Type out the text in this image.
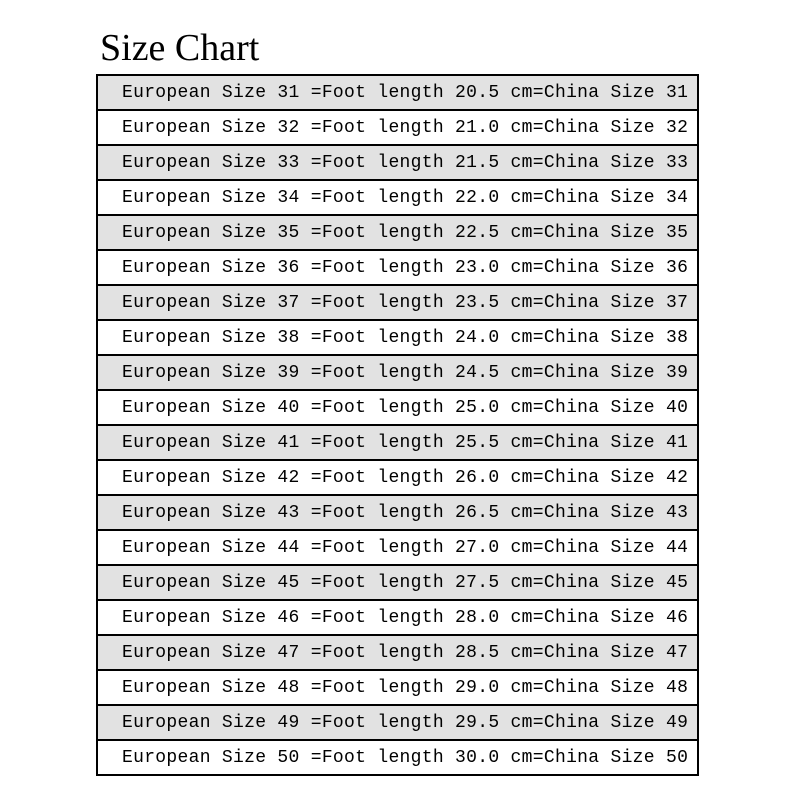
Size Chart
European Size 31 =Foot length 20.5 cm=China Size 31
European Size 32 =Foot length 21.0 cm=China Size 32
European Size 33 =Foot length 21.5 cm=China Size 33
European Size 34 =Foot length 22.0 cm=China Size 34
European Size 35 =Foot length 22.5 cm=China Size 35
European Size 36 =Foot length 23.0 cm=China Size 36
European Size 37 =Foot length 23.5 cm=China Size 37
European Size 38 =Foot length 24.0 cm=China Size 38
European Size 39 =Foot length 24.5 cm=China Size 39
European Size 40 =Foot length 25.0 cm=China Size 40
European Size 41 =Foot length 25.5 cm=China Size 41
European Size 42 =Foot length 26.0 cm=China Size 42
European Size 43 =Foot length 26.5 cm=China Size 43
European Size 44 =Foot length 27.0 cm=China Size 44
European Size 45 =Foot length 27.5 cm=China Size 45
European Size 46 =Foot length 28.0 cm=China Size 46
European Size 47 =Foot length 28.5 cm=China Size 47
European Size 48 =Foot length 29.0 cm=China Size 48
European Size 49 =Foot length 29.5 cm=China Size 49
European Size 50 =Foot length 30.0 cm=China Size 50
